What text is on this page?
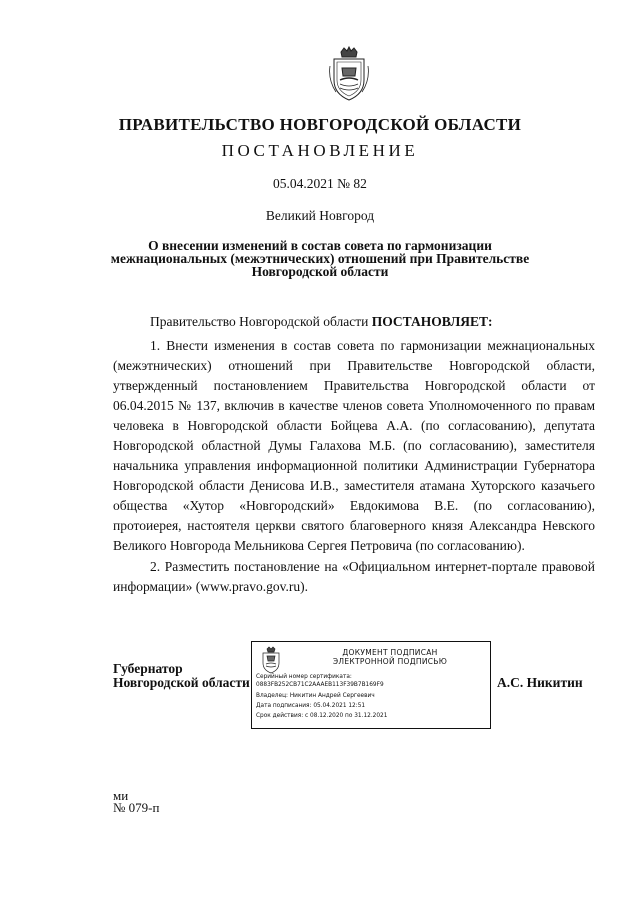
ПРАВИТЕЛЬСТВО НОВГОРОДСКОЙ ОБЛАСТИ
ПОСТАНОВЛЕНИЕ
05.04.2021 № 82
Великий Новгород
О внесении изменений в состав совета по гармонизации
межнациональных (межэтнических) отношений при Правительстве
Новгородской области
Правительство Новгородской области ПОСТАНОВЛЯЕТ:
1. Внести изменения в состав совета по гармонизации межнациональных (межэтнических) отношений при Правительстве Новгородской области, утвержденный постановлением Правительства Новгородской области от 06.04.2015 № 137, включив в качестве членов совета Уполномоченного по правам человека в Новгородской области Бойцева А.А. (по согласованию), депутата Новгородской областной Думы Галахова М.Б. (по согласованию), заместителя начальника управления информационной политики Администрации Губернатора Новгородской области Денисова И.В., заместителя атамана Хуторского казачьего общества «Хутор «Новгородский» Евдокимова В.Е. (по согласованию), протоиерея, настоятеля церкви святого благоверного князя Александра Невского Великого Новгорода Мельникова Сергея Петровича (по согласованию).
2. Разместить постановление на «Официальном интернет-портале правовой информации» (www.pravo.gov.ru).
Губернатор
Новгородской области
ДОКУМЕНТ ПОДПИСАН
ЭЛЕКТРОННОЙ ПОДПИСЬЮ
Серийный номер сертификата:
0883FB252CB71C2AAAEB113F39B7B169F9
Владелец: Никитин Андрей Сергеевич
Дата подписания: 05.04.2021 12:51
Срок действия: с 08.12.2020 по 31.12.2021
А.С. Никитин
ми
№ 079-п
